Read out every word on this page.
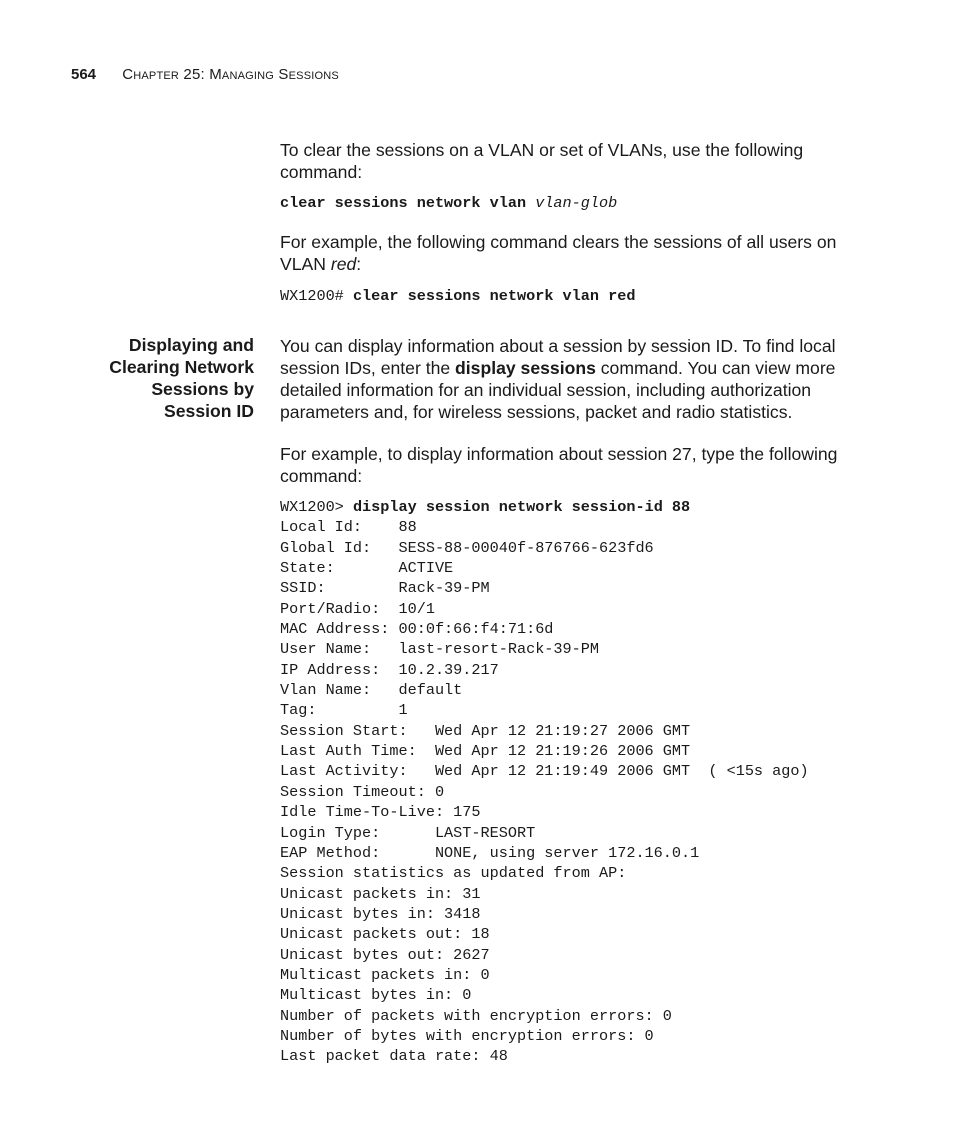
564 Chapter 25: Managing Sessions

To clear the sessions on a VLAN or set of VLANs, use the following command:

clear sessions network vlan vlan-glob

For example, the following command clears the sessions of all users on VLAN red:

WX1200# clear sessions network vlan red
Displaying and
Clearing Network
Sessions by
Session ID

You can display information about a session by session ID. To find local session IDs, enter the display sessions command. You can view more detailed information for an individual session, including authorization parameters and, for wireless sessions, packet and radio statistics.

For example, to display information about session 27, type the following command:

WX1200> display session network session-id 88
Local Id:    88
Global Id:   SESS-88-00040f-876766-623fd6
State:       ACTIVE
SSID:        Rack-39-PM
Port/Radio:  10/1
MAC Address: 00:0f:66:f4:71:6d
User Name:   last-resort-Rack-39-PM
IP Address:  10.2.39.217
Vlan Name:   default
Tag:         1
Session Start:   Wed Apr 12 21:19:27 2006 GMT
Last Auth Time:  Wed Apr 12 21:19:26 2006 GMT
Last Activity:   Wed Apr 12 21:19:49 2006 GMT  ( <15s ago)
Session Timeout: 0
Idle Time-To-Live: 175
Login Type:      LAST-RESORT
EAP Method:      NONE, using server 172.16.0.1
Session statistics as updated from AP:
Unicast packets in: 31
Unicast bytes in: 3418
Unicast packets out: 18
Unicast bytes out: 2627
Multicast packets in: 0
Multicast bytes in: 0
Number of packets with encryption errors: 0
Number of bytes with encryption errors: 0
Last packet data rate: 48
